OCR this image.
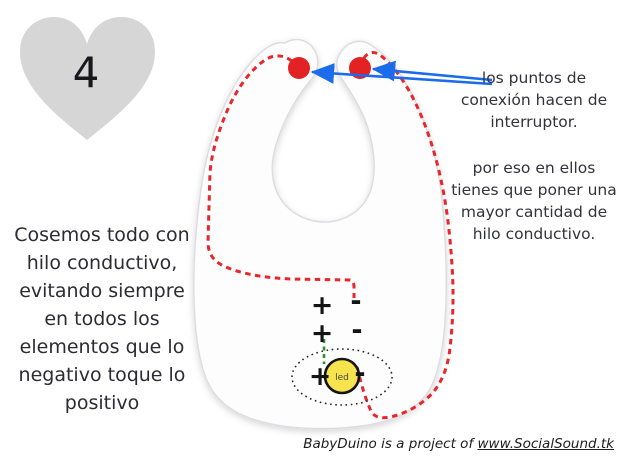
4
led
+ -
+ -
+ -
Cosemos todo con
hilo conductivo,
evitando siempre
en todos los
elementos que lo
negativo toque lo
positivo
los puntos de
conexión hacen de
interruptor.
por eso en ellos
tienes que poner una
mayor cantidad de
hilo conductivo.
BabyDuino is a project of www.SocialSound.tk
